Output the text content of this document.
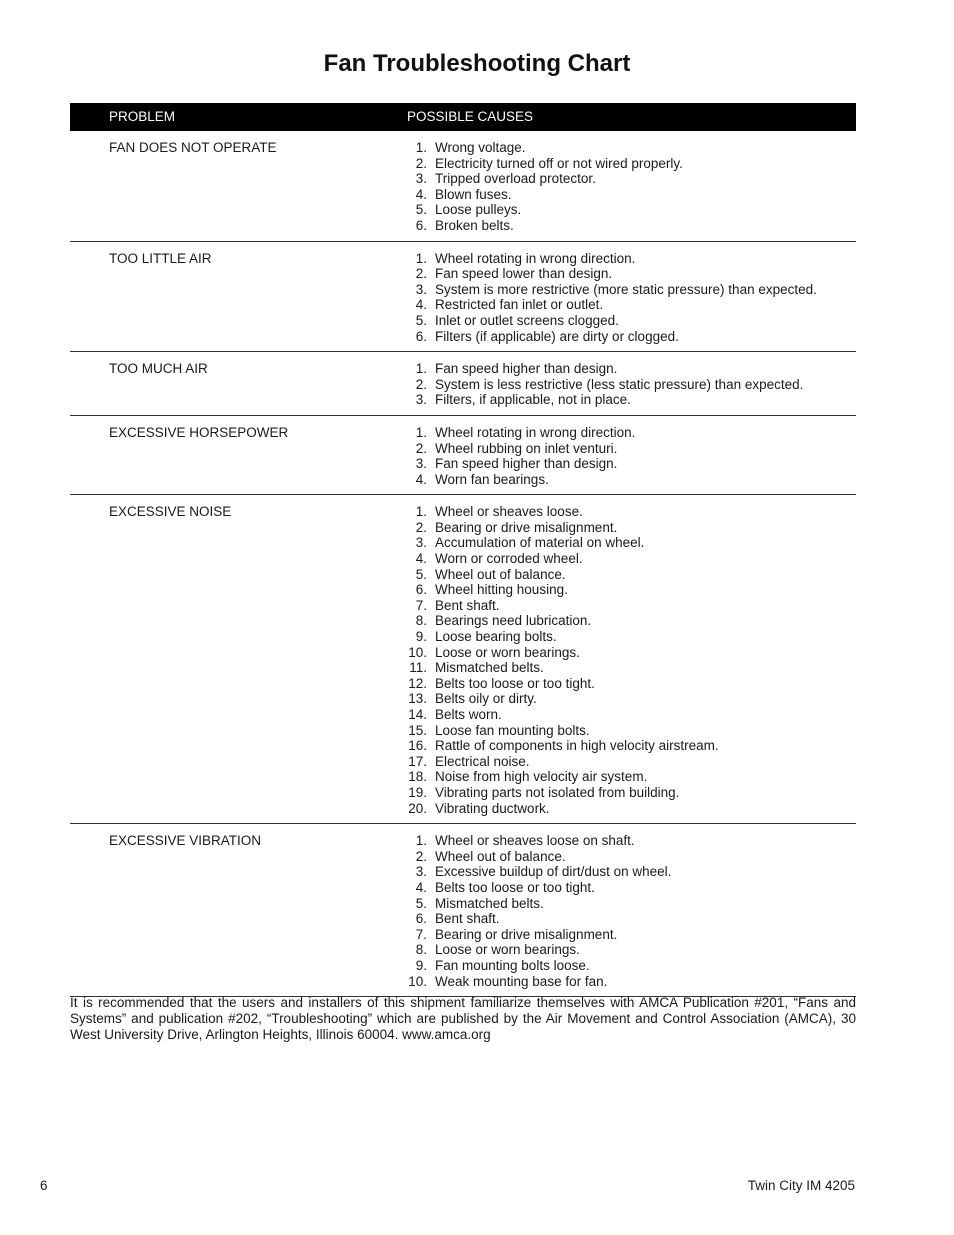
Fan Troubleshooting Chart
PROBLEM	POSSIBLE CAUSES
FAN DOES NOT OPERATE	1. Wrong voltage.
2. Electricity turned off or not wired properly.
3. Tripped overload protector.
4. Blown fuses.
5. Loose pulleys.
6. Broken belts.
TOO LITTLE AIR	1. Wheel rotating in wrong direction.
2. Fan speed lower than design.
3. System is more restrictive (more static pressure) than expected.
4. Restricted fan inlet or outlet.
5. Inlet or outlet screens clogged.
6. Filters (if applicable) are dirty or clogged.
TOO MUCH AIR	1. Fan speed higher than design.
2. System is less restrictive (less static pressure) than expected.
3. Filters, if applicable, not in place.
EXCESSIVE HORSEPOWER	1. Wheel rotating in wrong direction.
2. Wheel rubbing on inlet venturi.
3. Fan speed higher than design.
4. Worn fan bearings.
EXCESSIVE NOISE	1. Wheel or sheaves loose.
2. Bearing or drive misalignment.
3. Accumulation of material on wheel.
4. Worn or corroded wheel.
5. Wheel out of balance.
6. Wheel hitting housing.
7. Bent shaft.
8. Bearings need lubrication.
9. Loose bearing bolts.
10. Loose or worn bearings.
11. Mismatched belts.
12. Belts too loose or too tight.
13. Belts oily or dirty.
14. Belts worn.
15. Loose fan mounting bolts.
16. Rattle of components in high velocity airstream.
17. Electrical noise.
18. Noise from high velocity air system.
19. Vibrating parts not isolated from building.
20. Vibrating ductwork.
EXCESSIVE VIBRATION	1. Wheel or sheaves loose on shaft.
2. Wheel out of balance.
3. Excessive buildup of dirt/dust on wheel.
4. Belts too loose or too tight.
5. Mismatched belts.
6. Bent shaft.
7. Bearing or drive misalignment.
8. Loose or worn bearings.
9. Fan mounting bolts loose.
10. Weak mounting base for fan.
It is recommended that the users and installers of this shipment familiarize themselves with AMCA Publication #201, “Fans and Systems” and publication #202, “Troubleshooting” which are published by the Air Movement and Control Association (AMCA), 30 West University Drive, Arlington Heights, Illinois 60004. www.amca.org
6	Twin City IM 4205
